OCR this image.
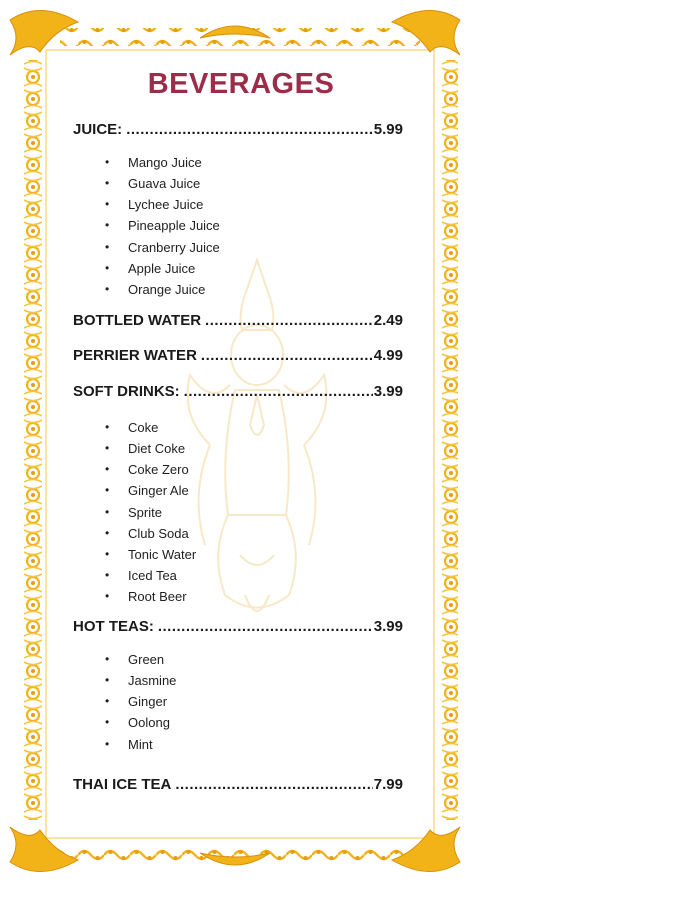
BEVERAGES
JUICE: .....	5.99
• Mango Juice
• Guava Juice
• Lychee Juice
• Pineapple Juice
• Cranberry Juice
• Apple Juice
• Orange Juice
BOTTLED WATER .....	2.49
PERRIER WATER .....	4.99
SOFT DRINKS: .....	3.99
• Coke
• Diet Coke
• Coke Zero
• Ginger Ale
• Sprite
• Club Soda
• Tonic Water
• Iced Tea
• Root Beer
HOT TEAS: .....	3.99
• Green
• Jasmine
• Ginger
• Oolong
• Mint
THAI ICE TEA .....	7.99
